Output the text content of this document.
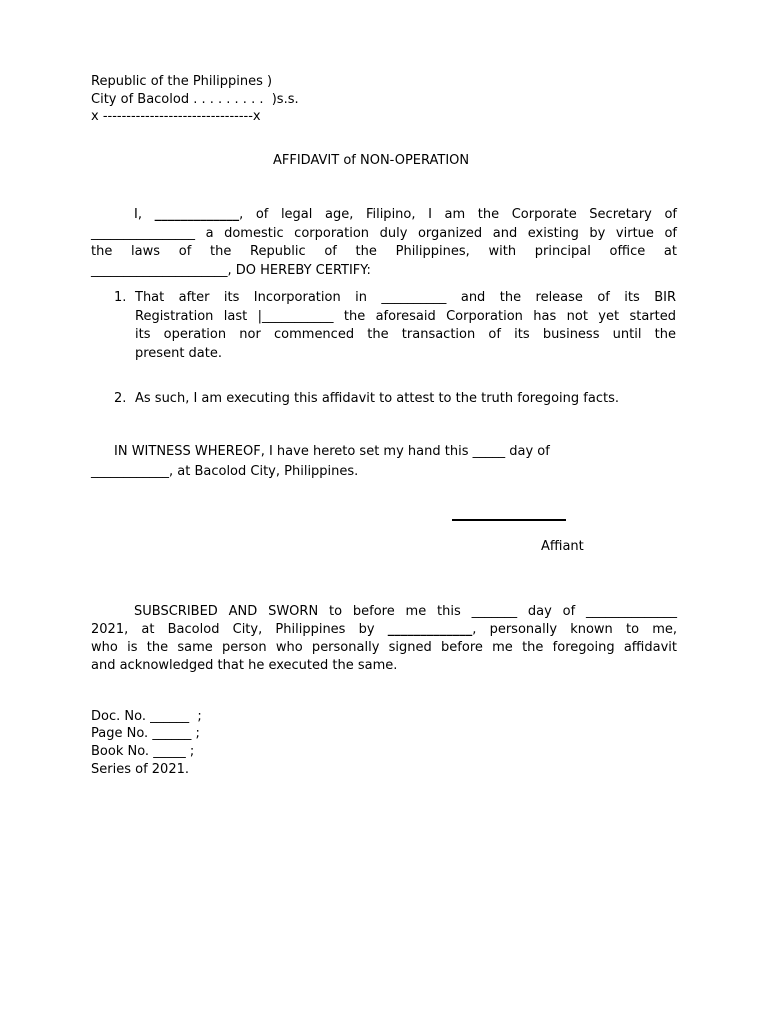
Republic of the Philippines )
City of Bacolod . . . . . . . . .  )s.s.
x --------------------------------x
AFFIDAVIT of NON-OPERATION
I, _____________, of legal age, Filipino, I am the Corporate Secretary of
________________ a domestic corporation duly organized and existing by virtue of
the laws of the Republic of the Philippines, with principal office at
_____________________, DO HEREBY CERTIFY:
1. That after its Incorporation in __________ and the release of its BIR
Registration last |___________ the aforesaid Corporation has not yet started
its operation nor commenced the transaction of its business until the
present date.
2. As such, I am executing this affidavit to attest to the truth foregoing facts.
IN WITNESS WHEREOF, I have hereto set my hand this _____ day of
____________, at Bacolod City, Philippines.
Affiant
SUBSCRIBED AND SWORN to before me this _______ day of ______________
2021, at Bacolod City, Philippines by _____________, personally known to me,
who is the same person who personally signed before me the foregoing affidavit
and acknowledged that he executed the same.
Doc. No. ______  ;
Page No. ______ ;
Book No. _____ ;
Series of 2021.
